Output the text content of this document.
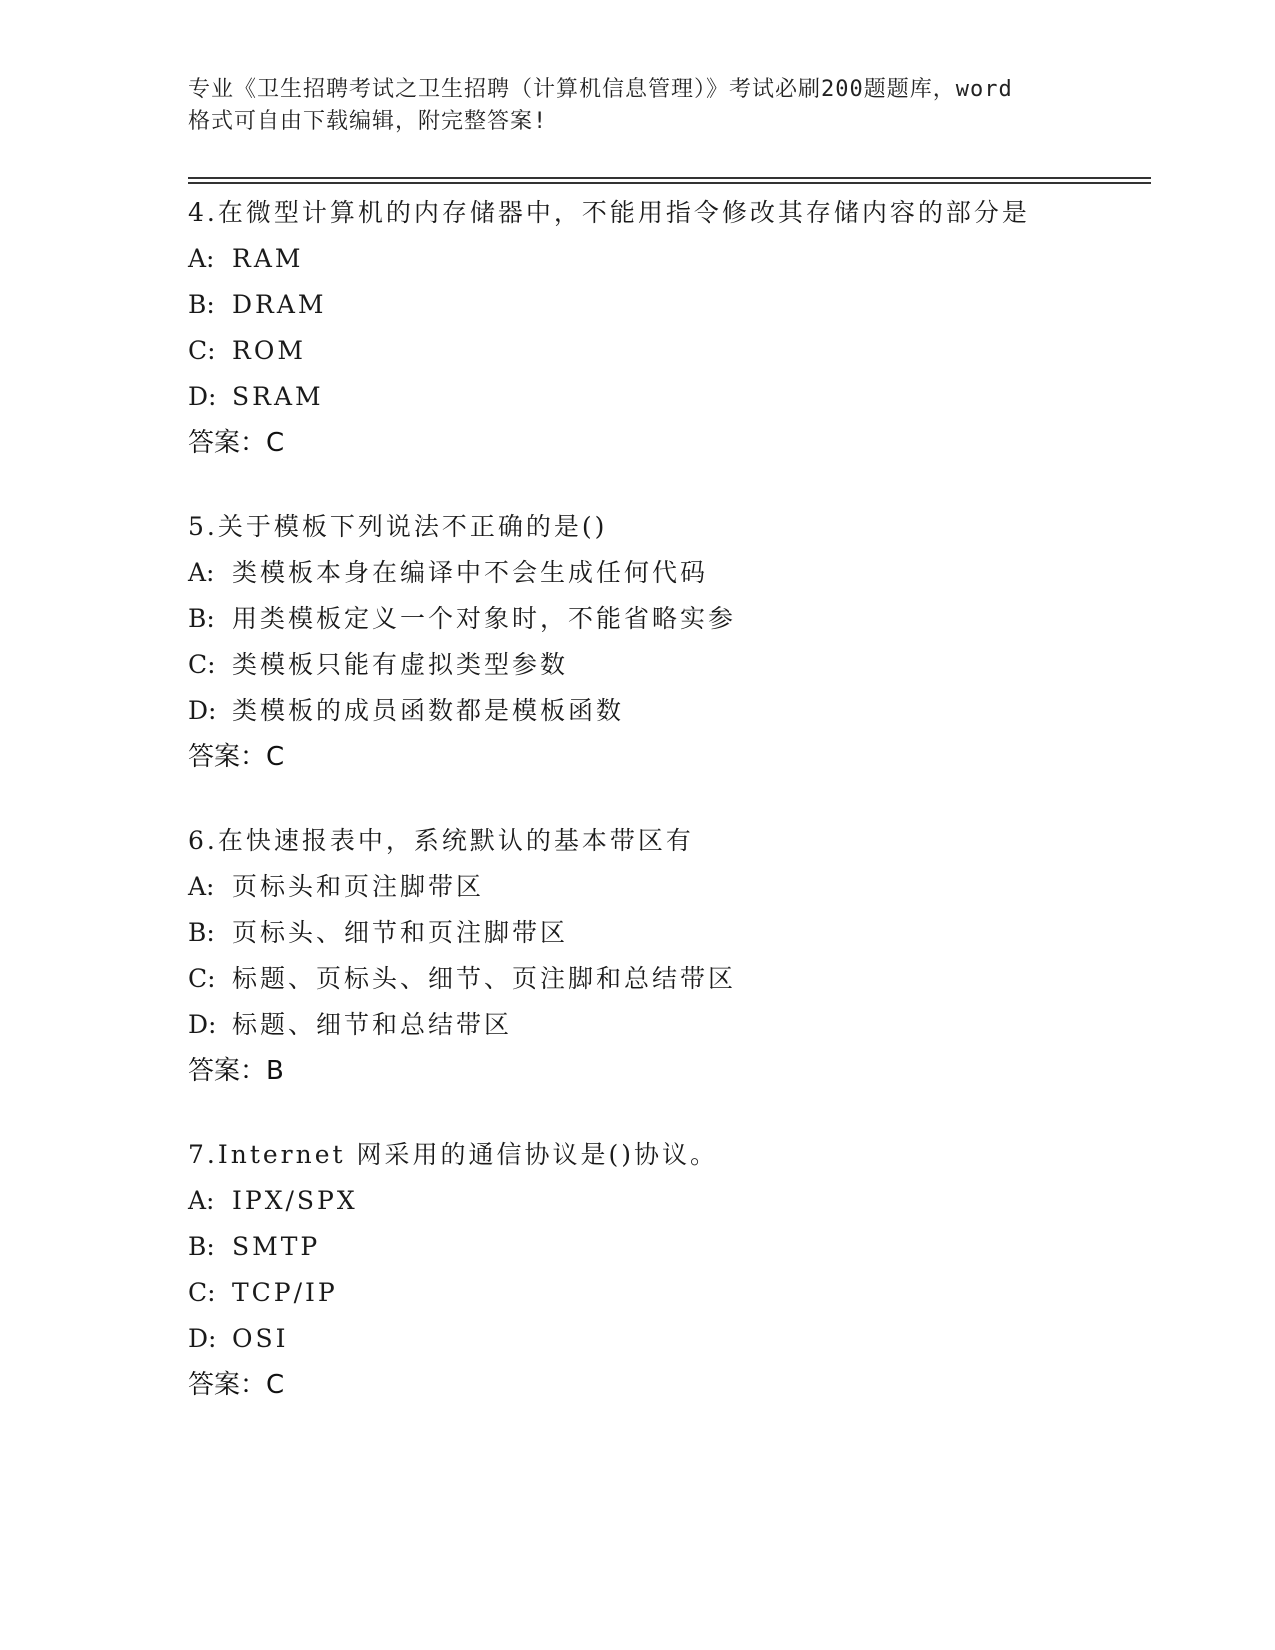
专业《卫生招聘考试之卫生招聘（计算机信息管理）》考试必刷200题题库，word
格式可自由下载编辑，附完整答案!
4.在微型计算机的内存储器中，不能用指令修改其存储内容的部分是
A: RAM
B: DRAM
C: ROM
D: SRAM
答案：C
5.关于模板下列说法不正确的是()
A: 类模板本身在编译中不会生成任何代码
B: 用类模板定义一个对象时，不能省略实参
C: 类模板只能有虚拟类型参数
D: 类模板的成员函数都是模板函数
答案：C
6.在快速报表中，系统默认的基本带区有
A: 页标头和页注脚带区
B: 页标头、细节和页注脚带区
C: 标题、页标头、细节、页注脚和总结带区
D: 标题、细节和总结带区
答案：B
7.Internet 网采用的通信协议是()协议。
A: IPX/SPX
B: SMTP
C: TCP/IP
D: OSI
答案：C
